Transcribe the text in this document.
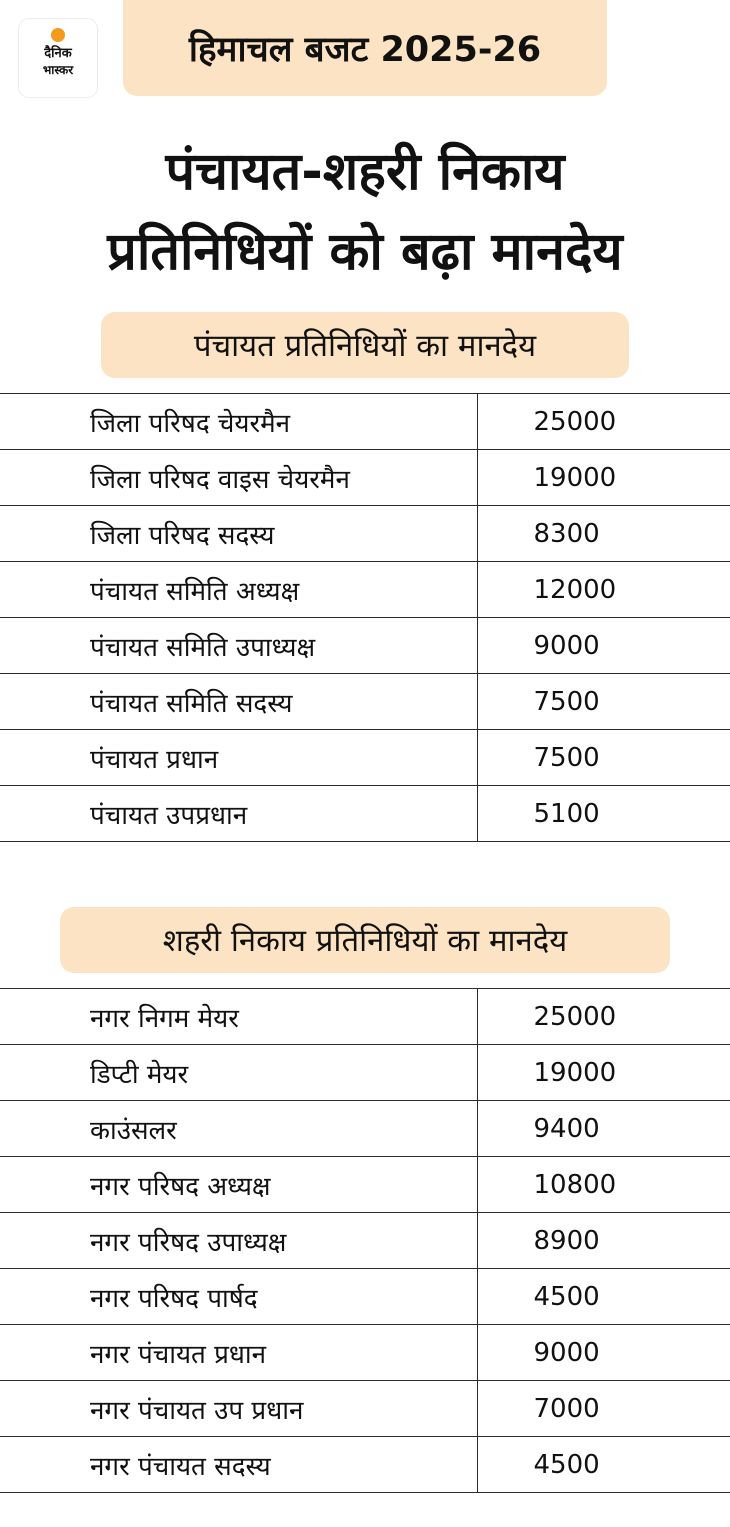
दैनिक
भास्कर
हिमाचल बजट 2025-26
पंचायत-शहरी निकाय
प्रतिनिधियों को बढ़ा मानदेय
पंचायत प्रतिनिधियों का मानदेय
जिला परिषद चेयरमैन	25000
जिला परिषद वाइस चेयरमैन	19000
जिला परिषद सदस्य	8300
पंचायत समिति अध्यक्ष	12000
पंचायत समिति उपाध्यक्ष	9000
पंचायत समिति सदस्य	7500
पंचायत प्रधान	7500
पंचायत उपप्रधान	5100
शहरी निकाय प्रतिनिधियों का मानदेय
नगर निगम मेयर	25000
डिप्टी मेयर	19000
काउंसलर	9400
नगर परिषद अध्यक्ष	10800
नगर परिषद उपाध्यक्ष	8900
नगर परिषद पार्षद	4500
नगर पंचायत प्रधान	9000
नगर पंचायत उप प्रधान	7000
नगर पंचायत सदस्य	4500
